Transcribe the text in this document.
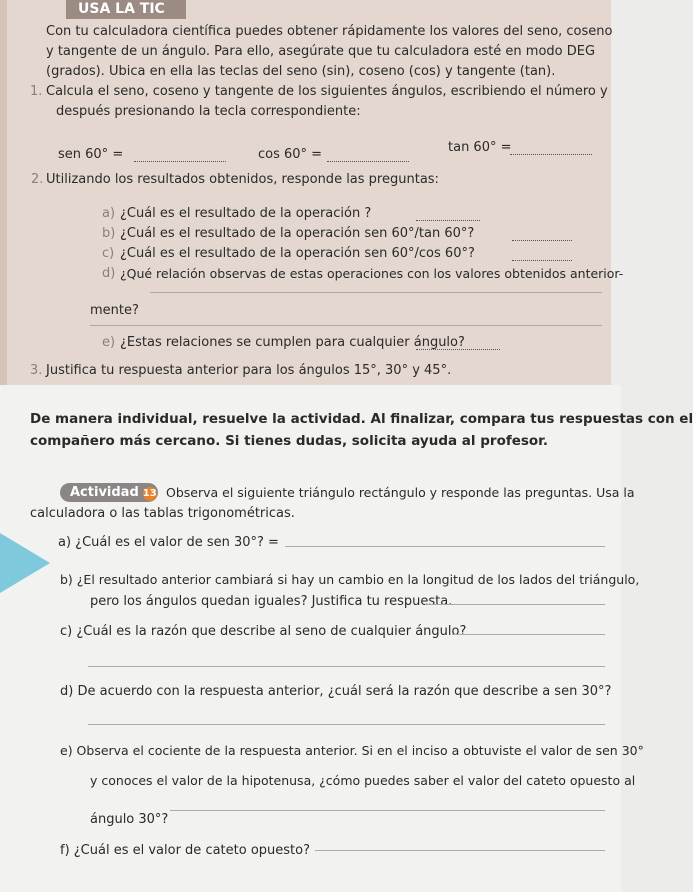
USA LA TIC
Con tu calculadora científica puedes obtener rápidamente los valores del seno, coseno
y tangente de un ángulo. Para ello, asegúrate que tu calculadora esté en modo DEG
(grados). Ubica en ella las teclas del seno (sin), coseno (cos) y tangente (tan).
1. Calcula el seno, coseno y tangente de los siguientes ángulos, escribiendo el número y
después presionando la tecla correspondiente:
sen 60° =	cos 60° =	tan 60° =
2. Utilizando los resultados obtenidos, responde las preguntas:
a) ¿Cuál es el resultado de la operación ?
b) ¿Cuál es el resultado de la operación sen 60°/tan 60°?
c) ¿Cuál es el resultado de la operación sen 60°/cos 60°?
d) ¿Qué relación observas de estas operaciones con los valores obtenidos anterior-
mente?
e) ¿Estas relaciones se cumplen para cualquier ángulo?
3. Justifica tu respuesta anterior para los ángulos 15°, 30° y 45°.
De manera individual, resuelve la actividad. Al finalizar, compara tus respuestas con el
compañero más cercano. Si tienes dudas, solicita ayuda al profesor.
Actividad 13 Observa el siguiente triángulo rectángulo y responde las preguntas. Usa la
calculadora o las tablas trigonométricas.
a) ¿Cuál es el valor de sen 30°? =
b) ¿El resultado anterior cambiará si hay un cambio en la longitud de los lados del triángulo,
pero los ángulos quedan iguales? Justifica tu respuesta.
c) ¿Cuál es la razón que describe al seno de cualquier ángulo?
d) De acuerdo con la respuesta anterior, ¿cuál será la razón que describe a sen 30°?
e) Observa el cociente de la respuesta anterior. Si en el inciso a obtuviste el valor de sen 30°
y conoces el valor de la hipotenusa, ¿cómo puedes saber el valor del cateto opuesto al
ángulo 30°?
f) ¿Cuál es el valor de cateto opuesto?
